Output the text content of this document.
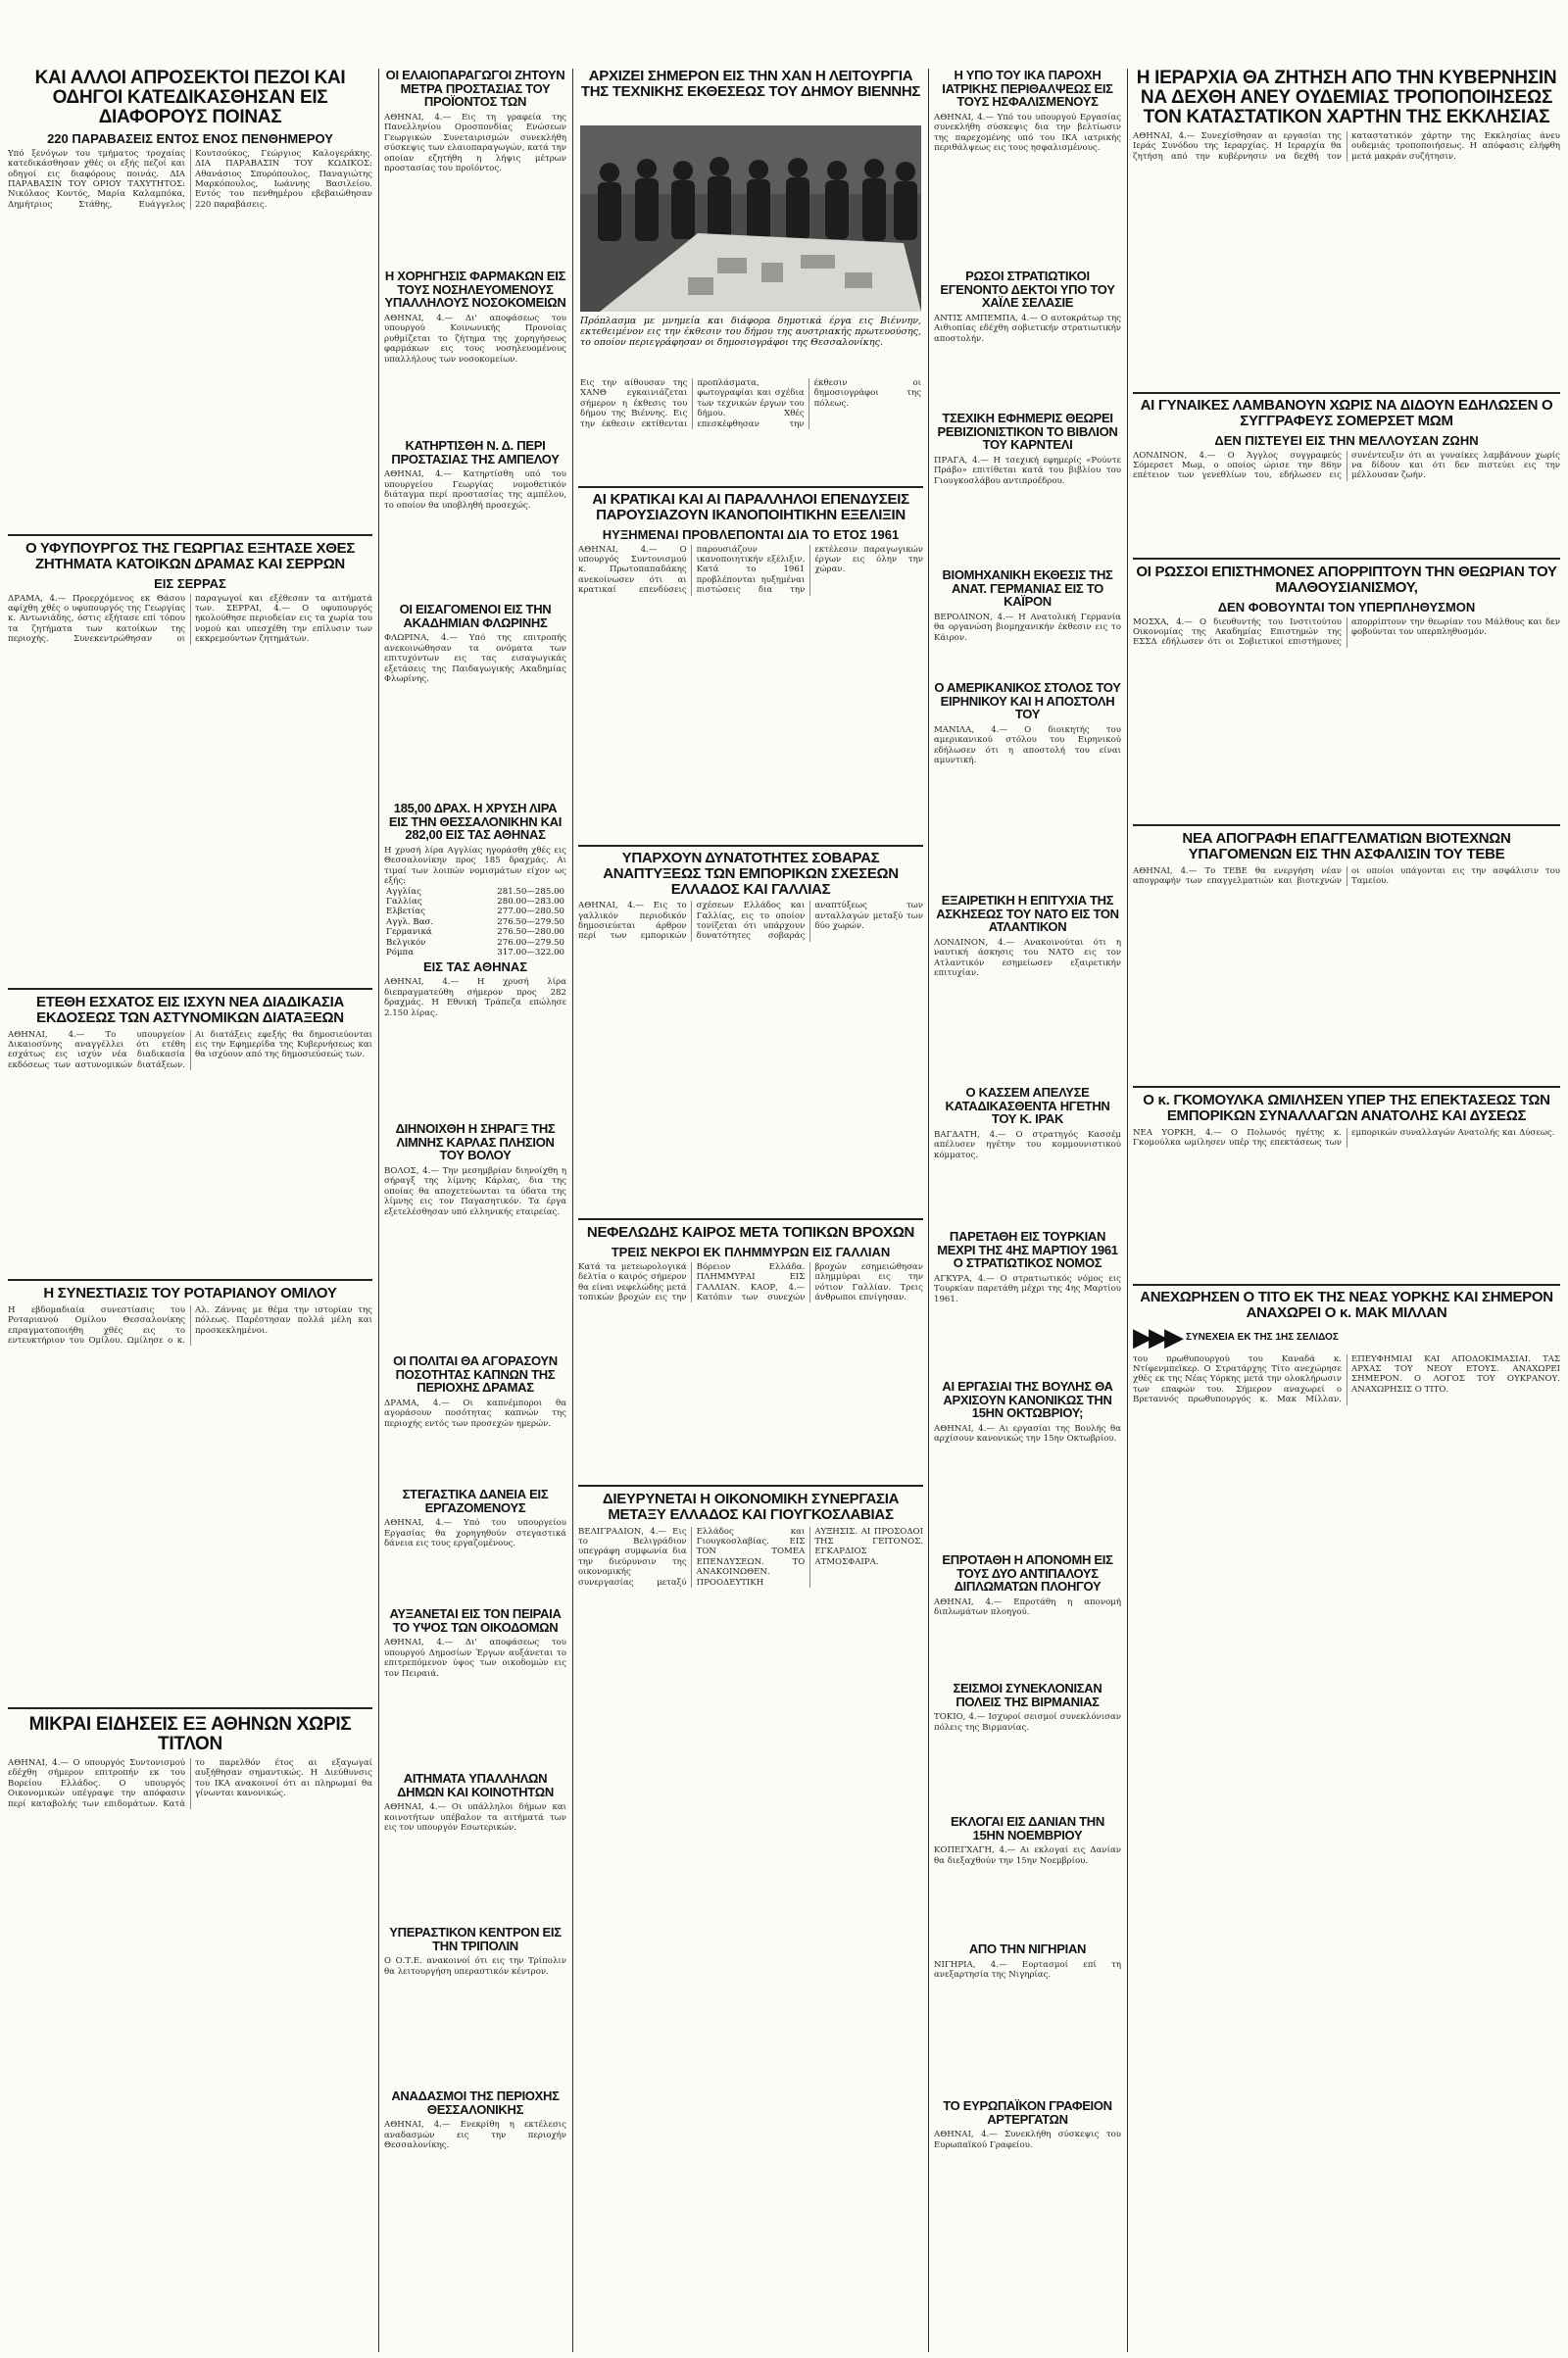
ΚΑΙ ΑΛΛΟΙ ΑΠΡΟΣΕΚΤΟΙ ΠΕΖΟΙ ΚΑΙ ΟΔΗΓΟΙ ΚΑΤΕΔΙΚΑΣΘΗΣΑΝ ΕΙΣ ΔΙΑΦΟΡΟΥΣ ΠΟΙΝΑΣ
220 ΠΑΡΑΒΑΣΕΙΣ ΕΝΤΟΣ ΕΝΟΣ ΠΕΝΘΗΜΕΡΟΥ
Υπό ξενόγων του τμήματος τροχαίας κατεδικάσθησαν χθές οι εξής πεζοί και οδηγοί εις διαφόρους ποινάς. ΔΙΑ ΠΑΡΑΒΑΣΙΝ ΤΟΥ ΟΡΙΟΥ ΤΑΧΥΤΗΤΟΣ: Νικόλαος Κοντός, Μαρία Καλαμπόκα, Δημήτριος Στάθης, Ευάγγελος Κουτσούκος, Γεώργιος Καλογεράκης. ΔΙΑ ΠΑΡΑΒΑΣΙΝ ΤΟΥ ΚΩΔΙΚΟΣ: Αθανάσιος Σπυρόπουλος, Παναγιώτης Μαρκόπουλος, Ιωάννης Βασιλείου. Εντός του πενθημέρου εβεβαιώθησαν 220 παραβάσεις.
Ο ΥΦΥΠΟΥΡΓΟΣ ΤΗΣ ΓΕΩΡΓΙΑΣ ΕΞΗΤΑΣΕ ΧΘΕΣ ΖΗΤΗΜΑΤΑ ΚΑΤΟΙΚΩΝ ΔΡΑΜΑΣ ΚΑΙ ΣΕΡΡΩΝ
ΕΙΣ ΣΕΡΡΑΣ
ΔΡΑΜΑ, 4.— Προερχόμενος εκ Θάσου αφίχθη χθές ο υφυπουργός της Γεωργίας κ. Αντωνιάδης, όστις εξήτασε επί τόπου τα ζητήματα των κατοίκων της περιοχής. Συνεκεντρώθησαν οι παραγωγοί και εξέθεσαν τα αιτήματά των. ΣΕΡΡΑΙ, 4.— Ο υφυπουργός ηκολούθησε περιοδείαν εις τα χωρία του νομού και υπεσχέθη την επίλυσιν των εκκρεμούντων ζητημάτων.
ΕΤΕΘΗ ΕΣΧΑΤΟΣ ΕΙΣ ΙΣΧΥΝ ΝΕΑ ΔΙΑΔΙΚΑΣΙΑ ΕΚΔΟΣΕΩΣ ΤΩΝ ΑΣΤΥΝΟΜΙΚΩΝ ΔΙΑΤΑΞΕΩΝ
ΑΘΗΝΑΙ, 4.— Το υπουργείον Δικαιοσύνης αναγγέλλει ότι ετέθη εσχάτως εις ισχύν νέα διαδικασία εκδόσεως των αστυνομικών διατάξεων. Αι διατάξεις εφεξής θα δημοσιεύονται εις την Εφημερίδα της Κυβερνήσεως και θα ισχύουν από της δημοσιεύσεώς των.
Η ΣΥΝΕΣΤΙΑΣΙΣ ΤΟΥ ΡΟΤΑΡΙΑΝΟΥ ΟΜΙΛΟΥ
Η εβδομαδιαία συνεστίασις του Ροταριανού Ομίλου Θεσσαλονίκης επραγματοποιήθη χθές εις το εντευκτήριον του Ομίλου. Ωμίλησε ο κ. Αλ. Ζάννας με θέμα την ιστορίαν της πόλεως. Παρέστησαν πολλά μέλη και προσκεκλημένοι.
ΜΙΚΡΑΙ ΕΙΔΗΣΕΙΣ ΕΞ ΑΘΗΝΩΝ ΧΩΡΙΣ ΤΙΤΛΟΝ
ΑΘΗΝΑΙ, 4.— Ο υπουργός Συντονισμού εδέχθη σήμερον επιτροπήν εκ του Βορείου Ελλάδος. Ο υπουργός Οικονομικών υπέγραψε την απόφασιν περί καταβολής των επιδομάτων. Κατά το παρελθόν έτος αι εξαγωγαί αυξήθησαν σημαντικώς. Η Διεύθυνσις του ΙΚΑ ανακοινοί ότι αι πληρωμαί θα γίνωνται κανονικώς.
ΟΙ ΕΛΑΙΟΠΑΡΑΓΩΓΟΙ ΖΗΤΟΥΝ ΜΕΤΡΑ ΠΡΟΣΤΑΣΙΑΣ ΤΟΥ ΠΡΟΪΟΝΤΟΣ ΤΩΝ
ΑΘΗΝΑΙ, 4.— Εις τη γραφεία της Πανελληνίου Ομοσπονδίας Ενώσεων Γεωργικών Συνεταιρισμών συνεκλήθη σύσκεψις των ελαιοπαραγωγών, κατά την οποίαν εζητήθη η λήψις μέτρων προστασίας του προϊόντος.
Η ΧΟΡΗΓΗΣΙΣ ΦΑΡΜΑΚΩΝ ΕΙΣ ΤΟΥΣ ΝΟΣΗΛΕΥΟΜΕΝΟΥΣ ΥΠΑΛΛΗΛΟΥΣ ΝΟΣΟΚΟΜΕΙΩΝ
ΑΘΗΝΑΙ, 4.— Δι' αποφάσεως του υπουργού Κοινωνικής Προνοίας ρυθμίζεται το ζήτημα της χορηγήσεως φαρμάκων εις τους νοσηλευομένους υπαλλήλους των νοσοκομείων.
ΚΑΤΗΡΤΙΣΘΗ Ν. Δ. ΠΕΡΙ ΠΡΟΣΤΑΣΙΑΣ ΤΗΣ ΑΜΠΕΛΟΥ
ΑΘΗΝΑΙ, 4.— Κατηρτίσθη υπό του υπουργείου Γεωργίας νομοθετικόν διάταγμα περί προστασίας της αμπέλου, το οποίον θα υποβληθή προσεχώς.
ΟΙ ΕΙΣΑΓΟΜΕΝΟΙ ΕΙΣ ΤΗΝ ΑΚΑΔΗΜΙΑΝ ΦΛΩΡΙΝΗΣ
ΦΛΩΡΙΝΑ, 4.— Υπό της επιτροπής ανεκοινώθησαν τα ονόματα των επιτυχόντων εις τας εισαγωγικάς εξετάσεις της Παιδαγωγικής Ακαδημίας Φλωρίνης.
185,00 ΔΡΑΧ. Η ΧΡΥΣΗ ΛΙΡΑ ΕΙΣ ΤΗΝ ΘΕΣΣΑΛΟΝΙΚΗΝ ΚΑΙ 282,00 ΕΙΣ ΤΑΣ ΑΘΗΝΑΣ
Η χρυσή λίρα Αγγλίας ηγοράσθη χθές εις Θεσσαλονίκην προς 185 δραχμάς. Αι τιμαί των λοιπών νομισμάτων είχον ως εξής:
Αγγλίας	281.50—285.00
Γαλλίας	280.00—283.00
Ελβετίας	277.00—280.50
Αγγλ. Βασ.	276.50—279.50
Γερμανικά	276.50—280.00
Βελγικόν	276.00—279.50
Ρόμπα	317.00—322.00
ΕΙΣ ΤΑΣ ΑΘΗΝΑΣ
ΑΘΗΝΑΙ, 4.— Η χρυσή λίρα διεπραγματεύθη σήμερον προς 282 δραχμάς. Η Εθνική Τράπεζα επώλησε 2.150 λίρας.
ΔΙΗΝΟΙΧΘΗ Η ΣΗΡΑΓΞ ΤΗΣ ΛΙΜΝΗΣ ΚΑΡΛΑΣ ΠΛΗΣΙΟΝ ΤΟΥ ΒΟΛΟΥ
ΒΟΛΟΣ, 4.— Την μεσημβρίαν διηνοίχθη η σήραγξ της λίμνης Κάρλας, δια της οποίας θα αποχετεύωνται τα ύδατα της λίμνης εις τον Παγασητικόν. Τα έργα εξετελέσθησαν υπό ελληνικής εταιρείας.
ΟΙ ΠΟΛΙΤΑΙ ΘΑ ΑΓΟΡΑΣΟΥΝ ΠΟΣΟΤΗΤΑΣ ΚΑΠΝΩΝ ΤΗΣ ΠΕΡΙΟΧΗΣ ΔΡΑΜΑΣ
ΔΡΑΜΑ, 4.— Οι καπνέμποροι θα αγοράσουν ποσότητας καπνών της περιοχής εντός των προσεχών ημερών.
ΣΤΕΓΑΣΤΙΚΑ ΔΑΝΕΙΑ ΕΙΣ ΕΡΓΑΖΟΜΕΝΟΥΣ
ΑΘΗΝΑΙ, 4.— Υπό του υπουργείου Εργασίας θα χορηγηθούν στεγαστικά δάνεια εις τους εργαζομένους.
ΑΥΞΑΝΕΤΑΙ ΕΙΣ ΤΟΝ ΠΕΙΡΑΙΑ ΤΟ ΥΨΟΣ ΤΩΝ ΟΙΚΟΔΟΜΩΝ
ΑΘΗΝΑΙ, 4.— Δι' αποφάσεως του υπουργού Δημοσίων Έργων αυξάνεται το επιτρεπόμενον ύψος των οικοδομών εις τον Πειραιά.
ΑΙΤΗΜΑΤΑ ΥΠΑΛΛΗΛΩΝ ΔΗΜΩΝ ΚΑΙ ΚΟΙΝΟΤΗΤΩΝ
ΑΘΗΝΑΙ, 4.— Οι υπάλληλοι δήμων και κοινοτήτων υπέβαλον τα αιτήματά των εις τον υπουργόν Εσωτερικών.
ΥΠΕΡΑΣΤΙΚΟΝ ΚΕΝΤΡΟΝ ΕΙΣ ΤΗΝ ΤΡΙΠΟΛΙΝ
Ο Ο.Τ.Ε. ανακοινοί ότι εις την Τρίπολιν θα λειτουργήση υπεραστικόν κέντρον.
ΑΝΑΔΑΣΜΟΙ ΤΗΣ ΠΕΡΙΟΧΗΣ ΘΕΣΣΑΛΟΝΙΚΗΣ
ΑΘΗΝΑΙ, 4.— Ενεκρίθη η εκτέλεσις αναδασμών εις την περιοχήν Θεσσαλονίκης.
ΑΡΧΙΖΕΙ ΣΗΜΕΡΟΝ ΕΙΣ ΤΗΝ ΧΑΝ Η ΛΕΙΤΟΥΡΓΙΑ ΤΗΣ ΤΕΧΝΙΚΗΣ ΕΚΘΕΣΕΩΣ ΤΟΥ ΔΗΜΟΥ ΒΙΕΝΝΗΣ
Πρόπλασμα με μνημεία και διάφορα δημοτικά έργα εις Βιέννην, εκτεθειμένον εις την έκθεσιν του δήμου της αυστριακής πρωτευούσης, το οποίον περιεγράφησαν οι δημοσιογράφοι της Θεσσαλονίκης.
Εις την αίθουσαν της ΧΑΝΘ εγκαινιάζεται σήμερον η έκθεσις του δήμου της Βιέννης. Εις την έκθεσιν εκτίθενται προπλάσματα, φωτογραφίαι και σχέδια των τεχνικών έργων του δήμου. Χθές επεσκέφθησαν την έκθεσιν οι δημοσιογράφοι της πόλεως.
ΑΙ ΚΡΑΤΙΚΑΙ ΚΑΙ ΑΙ ΠΑΡΑΛΛΗΛΟΙ ΕΠΕΝΔΥΣΕΙΣ ΠΑΡΟΥΣΙΑΖΟΥΝ ΙΚΑΝΟΠΟΙΗΤΙΚΗΝ ΕΞΕΛΙΞΙΝ
ΗΥΞΗΜΕΝΑΙ ΠΡΟΒΛΕΠΟΝΤΑΙ ΔΙΑ ΤΟ ΕΤΟΣ 1961
ΑΘΗΝΑΙ, 4.— Ο υπουργός Συντονισμού κ. Πρωτοπαπαδάκης ανεκοίνωσεν ότι αι κρατικαί επενδύσεις παρουσιάζουν ικανοποιητικήν εξέλιξιν. Κατά το 1961 προβλέπονται ηυξημέναι πιστώσεις δια την εκτέλεσιν παραγωγικών έργων εις όλην την χώραν.
ΥΠΑΡΧΟΥΝ ΔΥΝΑΤΟΤΗΤΕΣ ΣΟΒΑΡΑΣ ΑΝΑΠΤΥΞΕΩΣ ΤΩΝ ΕΜΠΟΡΙΚΩΝ ΣΧΕΣΕΩΝ ΕΛΛΑΔΟΣ ΚΑΙ ΓΑΛΛΙΑΣ
ΑΘΗΝΑΙ, 4.— Εις το γαλλικόν περιοδικόν δημοσιεύεται άρθρον περί των εμπορικών σχέσεων Ελλάδος και Γαλλίας, εις το οποίον τονίζεται ότι υπάρχουν δυνατότητες σοβαράς αναπτύξεως των ανταλλαγών μεταξύ των δύο χωρών.
ΝΕΦΕΛΩΔΗΣ ΚΑΙΡΟΣ ΜΕΤΑ ΤΟΠΙΚΩΝ ΒΡΟΧΩΝ
ΤΡΕΙΣ ΝΕΚΡΟΙ ΕΚ ΠΛΗΜΜΥΡΩΝ ΕΙΣ ΓΑΛΛΙΑΝ
Κατά τα μετεωρολογικά δελτία ο καιρός σήμερον θα είναι νεφελώδης μετά τοπικών βροχών εις την Βόρειον Ελλάδα. ΠΛΗΜΜΥΡΑΙ ΕΙΣ ΓΑΛΛΙΑΝ. ΚΑΟΡ, 4.— Κατόπιν των συνεχών βροχών εσημειώθησαν πλημμύραι εις την νότιον Γαλλίαν. Τρεις άνθρωποι επνίγησαν.
ΔΙΕΥΡΥΝΕΤΑΙ Η ΟΙΚΟΝΟΜΙΚΗ ΣΥΝΕΡΓΑΣΙΑ ΜΕΤΑΞΥ ΕΛΛΑΔΟΣ ΚΑΙ ΓΙΟΥΓΚΟΣΛΑΒΙΑΣ
ΒΕΛΙΓΡΑΔΙΟΝ, 4.— Εις το Βελιγράδιον υπεγράφη συμφωνία δια την διεύρυνσιν της οικονομικής συνεργασίας μεταξύ Ελλάδος και Γιουγκοσλαβίας. ΕΙΣ ΤΟΝ ΤΟΜΕΑ ΕΠΕΝΔΥΣΕΩΝ. ΤΟ ΑΝΑΚΟΙΝΩΘΕΝ. ΠΡΟΟΔΕΥΤΙΚΗ ΑΥΞΗΣΙΣ. ΑΙ ΠΡΟΣΟΔΟΙ ΤΗΣ ΓΕΙΤΟΝΟΣ. ΕΓΚΑΡΔΙΟΣ ΑΤΜΟΣΦΑΙΡΑ.
Η ΥΠΟ ΤΟΥ ΙΚΑ ΠΑΡΟΧΗ ΙΑΤΡΙΚΗΣ ΠΕΡΙΘΑΛΨΕΩΣ ΕΙΣ ΤΟΥΣ ΗΣΦΑΛΙΣΜΕΝΟΥΣ
ΑΘΗΝΑΙ, 4.— Υπό του υπουργού Εργασίας συνεκλήθη σύσκεψις δια την βελτίωσιν της παρεχομένης υπό του ΙΚΑ ιατρικής περιθάλψεως εις τους ησφαλισμένους.
ΡΩΣΟΙ ΣΤΡΑΤΙΩΤΙΚΟΙ ΕΓΕΝΟΝΤΟ ΔΕΚΤΟΙ ΥΠΟ ΤΟΥ ΧΑΪΛΕ ΣΕΛΑΣΙΕ
ΑΝΤΙΣ ΑΜΠΕΜΠΑ, 4.— Ο αυτοκράτωρ της Αιθιοπίας εδέχθη σοβιετικήν στρατιωτικήν αποστολήν.
ΤΣΕΧΙΚΗ ΕΦΗΜΕΡΙΣ ΘΕΩΡΕΙ ΡΕΒΙΖΙΟΝΙΣΤΙΚΟΝ ΤΟ ΒΙΒΛΙΟΝ ΤΟΥ ΚΑΡΝΤΕΛΙ
ΠΡΑΓΑ, 4.— Η τσεχική εφημερίς «Ρούντε Πράβο» επιτίθεται κατά του βιβλίου του Γιουγκοσλάβου αντιπροέδρου.
ΒΙΟΜΗΧΑΝΙΚΗ ΕΚΘΕΣΙΣ ΤΗΣ ΑΝΑΤ. ΓΕΡΜΑΝΙΑΣ ΕΙΣ ΤΟ ΚΑΪΡΟΝ
ΒΕΡΟΛΙΝΟΝ, 4.— Η Ανατολική Γερμανία θα οργανώση βιομηχανικήν έκθεσιν εις το Κάιρον.
Ο ΑΜΕΡΙΚΑΝΙΚΟΣ ΣΤΟΛΟΣ ΤΟΥ ΕΙΡΗΝΙΚΟΥ ΚΑΙ Η ΑΠΟΣΤΟΛΗ ΤΟΥ
ΜΑΝΙΛΑ, 4.— Ο διοικητής του αμερικανικού στόλου του Ειρηνικού εδήλωσεν ότι η αποστολή του είναι αμυντική.
ΕΞΑΙΡΕΤΙΚΗ Η ΕΠΙΤΥΧΙΑ ΤΗΣ ΑΣΚΗΣΕΩΣ ΤΟΥ ΝΑΤΟ ΕΙΣ ΤΟΝ ΑΤΛΑΝΤΙΚΟΝ
ΛΟΝΔΙΝΟΝ, 4.— Ανακοινούται ότι η ναυτική άσκησις του ΝΑΤΟ εις τον Ατλαντικόν εσημείωσεν εξαιρετικήν επιτυχίαν.
Ο ΚΑΣΣΕΜ ΑΠΕΛΥΣΕ ΚΑΤΑΔΙΚΑΣΘΕΝΤΑ ΗΓΕΤΗΝ ΤΟΥ Κ. ΙΡΑΚ
ΒΑΓΔΑΤΗ, 4.— Ο στρατηγός Κασσέμ απέλυσεν ηγέτην του κομμουνιστικού κόμματος.
ΠΑΡΕΤΑΘΗ ΕΙΣ ΤΟΥΡΚΙΑΝ ΜΕΧΡΙ ΤΗΣ 4ΗΣ ΜΑΡΤΙΟΥ 1961 Ο ΣΤΡΑΤΙΩΤΙΚΟΣ ΝΟΜΟΣ
ΑΓΚΥΡΑ, 4.— Ο στρατιωτικός νόμος εις Τουρκίαν παρετάθη μέχρι της 4ης Μαρτίου 1961.
ΑΙ ΕΡΓΑΣΙΑΙ ΤΗΣ ΒΟΥΛΗΣ ΘΑ ΑΡΧΙΣΟΥΝ ΚΑΝΟΝΙΚΩΣ ΤΗΝ 15ΗΝ ΟΚΤΩΒΡΙΟΥ;
ΑΘΗΝΑΙ, 4.— Αι εργασίαι της Βουλής θα αρχίσουν κανονικώς την 15ην Οκτωβρίου.
ΕΠΡΟΤΑΘΗ Η ΑΠΟΝΟΜΗ ΕΙΣ ΤΟΥΣ ΔΥΟ ΑΝΤΙΠΑΛΟΥΣ ΔΙΠΛΩΜΑΤΩΝ ΠΛΟΗΓΟΥ
ΑΘΗΝΑΙ, 4.— Επροτάθη η απονομή διπλωμάτων πλοηγού.
ΣΕΙΣΜΟΙ ΣΥΝΕΚΛΟΝΙΣΑΝ ΠΟΛΕΙΣ ΤΗΣ ΒΙΡΜΑΝΙΑΣ
ΤΟΚΙΟ, 4.— Ισχυροί σεισμοί συνεκλόνισαν πόλεις της Βιρμανίας.
ΕΚΛΟΓΑΙ ΕΙΣ ΔΑΝΙΑΝ ΤΗΝ 15ΗΝ ΝΟΕΜΒΡΙΟΥ
ΚΟΠΕΓΧΑΓΗ, 4.— Αι εκλογαί εις Δανίαν θα διεξαχθούν την 15ην Νοεμβρίου.
ΑΠΟ ΤΗΝ ΝΙΓΗΡΙΑΝ
ΝΙΓΗΡΙΑ, 4.— Εορτασμοί επί τη ανεξαρτησία της Νιγηρίας.
ΤΟ ΕΥΡΩΠΑΪΚΟΝ ΓΡΑΦΕΙΟΝ ΑΡΤΕΡΓΑΤΩΝ
ΑΘΗΝΑΙ, 4.— Συνεκλήθη σύσκεψις του Ευρωπαϊκού Γραφείου.
Η ΙΕΡΑΡΧΙΑ ΘΑ ΖΗΤΗΣΗ ΑΠΟ ΤΗΝ ΚΥΒΕΡΝΗΣΙΝ ΝΑ ΔΕΧΘΗ ΑΝΕΥ ΟΥΔΕΜΙΑΣ ΤΡΟΠΟΠΟΙΗΣΕΩΣ ΤΟΝ ΚΑΤΑΣΤΑΤΙΚΟΝ ΧΑΡΤΗΝ ΤΗΣ ΕΚΚΛΗΣΙΑΣ
ΑΘΗΝΑΙ, 4.— Συνεχίσθησαν αι εργασίαι της Ιεράς Συνόδου της Ιεραρχίας. Η Ιεραρχία θα ζητήση από την κυβέρνησιν να δεχθή τον καταστατικόν χάρτην της Εκκλησίας άνευ ουδεμιάς τροποποιήσεως. Η απόφασις ελήφθη μετά μακράν συζήτησιν.
ΑΙ ΓΥΝΑΙΚΕΣ ΛΑΜΒΑΝΟΥΝ ΧΩΡΙΣ ΝΑ ΔΙΔΟΥΝ ΕΔΗΛΩΣΕΝ Ο ΣΥΓΓΡΑΦΕΥΣ ΣΟΜΕΡΣΕΤ ΜΩΜ
ΔΕΝ ΠΙΣΤΕΥΕΙ ΕΙΣ ΤΗΝ ΜΕΛΛΟΥΣΑΝ ΖΩΗΝ
ΛΟΝΔΙΝΟΝ, 4.— Ο Άγγλος συγγραφεύς Σόμερσετ Μωμ, ο οποίος ώρισε την 86ην επέτειον των γενεθλίων του, εδήλωσεν εις συνέντευξιν ότι αι γυναίκες λαμβάνουν χωρίς να δίδουν και ότι δεν πιστεύει εις την μέλλουσαν ζωήν.
ΟΙ ΡΩΣΣΟΙ ΕΠΙΣΤΗΜΟΝΕΣ ΑΠΟΡΡΙΠΤΟΥΝ ΤΗΝ ΘΕΩΡΙΑΝ ΤΟΥ ΜΑΛΘΟΥΣΙΑΝΙΣΜΟΥ,
ΔΕΝ ΦΟΒΟΥΝΤΑΙ ΤΟΝ ΥΠΕΡΠΛΗΘΥΣΜΟΝ
ΜΟΣΧΑ, 4.— Ο διευθυντής του Ινστιτούτου Οικονομίας της Ακαδημίας Επιστημών της ΕΣΣΔ εδήλωσεν ότι οι Σοβιετικοί επιστήμονες απορρίπτουν την θεωρίαν του Μάλθους και δεν φοβούνται τον υπερπληθυσμόν.
ΝΕΑ ΑΠΟΓΡΑΦΗ ΕΠΑΓΓΕΛΜΑΤΙΩΝ ΒΙΟΤΕΧΝΩΝ ΥΠΑΓΟΜΕΝΩΝ ΕΙΣ ΤΗΝ ΑΣΦΑΛΙΣΙΝ ΤΟΥ ΤΕΒΕ
ΑΘΗΝΑΙ, 4.— Το ΤΕΒΕ θα ενεργήση νέαν απογραφήν των επαγγελματιών και βιοτεχνών οι οποίοι υπάγονται εις την ασφάλισιν του Ταμείου.
Ο κ. ΓΚΟΜΟΥΛΚΑ ΩΜΙΛΗΣΕΝ ΥΠΕΡ ΤΗΣ ΕΠΕΚΤΑΣΕΩΣ ΤΩΝ ΕΜΠΟΡΙΚΩΝ ΣΥΝΑΛΛΑΓΩΝ ΑΝΑΤΟΛΗΣ ΚΑΙ ΔΥΣΕΩΣ
ΝΕΑ ΥΟΡΚΗ, 4.— Ο Πολωνός ηγέτης κ. Γκομούλκα ωμίλησεν υπέρ της επεκτάσεως των εμπορικών συναλλαγών Ανατολής και Δύσεως.
ΑΝΕΧΩΡΗΣΕΝ Ο ΤΙΤΟ ΕΚ ΤΗΣ ΝΕΑΣ ΥΟΡΚΗΣ ΚΑΙ ΣΗΜΕΡΟΝ ΑΝΑΧΩΡΕΙ Ο κ. ΜΑΚ ΜΙΛΛΑΝ
▶▶▶ ΣΥΝΕΧΕΙΑ ΕΚ ΤΗΣ 1ΗΣ ΣΕΛΙΔΟΣ
του πρωθυπουργού του Καναδά κ. Ντίφενμπεϊκερ. Ο Στρατάρχης Τίτο ανεχώρησε χθές εκ της Νέας Υόρκης μετά την ολοκλήρωσιν των επαφών του. Σήμερον αναχωρεί ο Βρεταννός πρωθυπουργός κ. Μακ Μίλλαν. ΕΠΕΥΦΗΜΙΑΙ ΚΑΙ ΑΠΟΔΟΚΙΜΑΣΙΑΙ. ΤΑΣ ΑΡΧΑΣ ΤΟΥ ΝΕΟΥ ΕΤΟΥΣ. ΑΝΑΧΩΡΕΙ ΣΗΜΕΡΟΝ. Ο ΛΟΓΟΣ ΤΟΥ ΟΥΚΡΑΝΟΥ. ΑΝΑΧΩΡΗΣΙΣ Ο ΤΙΤΟ.
